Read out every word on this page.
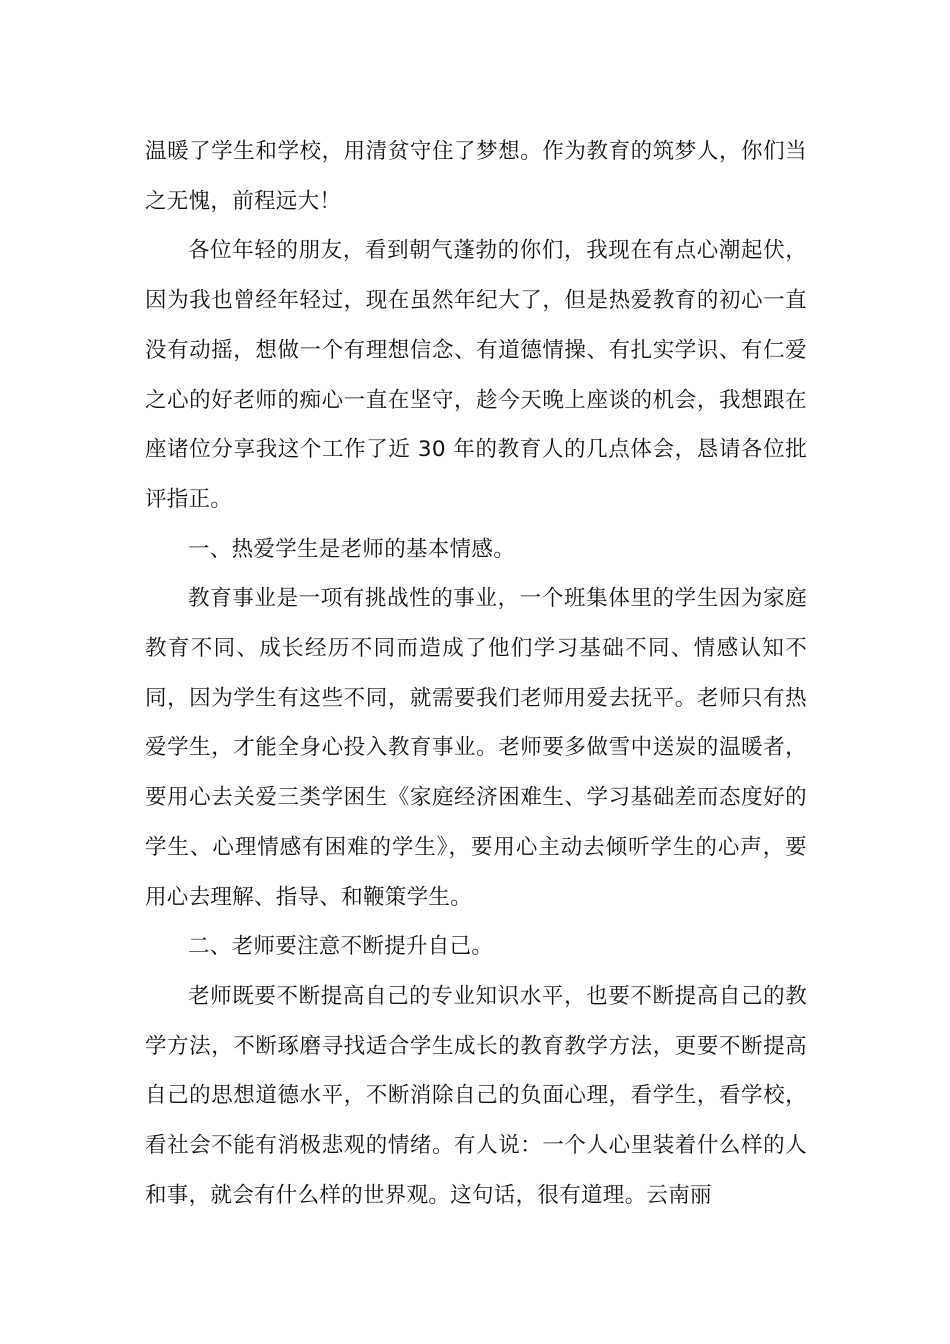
温暖了学生和学校，用清贫守住了梦想。作为教育的筑梦人，你们当之无愧，前程远大！

各位年轻的朋友，看到朝气蓬勃的你们，我现在有点心潮起伏，因为我也曾经年轻过，现在虽然年纪大了，但是热爱教育的初心一直没有动摇，想做一个有理想信念、有道德情操、有扎实学识、有仁爱之心的好老师的痴心一直在坚守，趁今天晚上座谈的机会，我想跟在座诸位分享我这个工作了近 30 年的教育人的几点体会，恳请各位批评指正。

一、热爱学生是老师的基本情感。

教育事业是一项有挑战性的事业，一个班集体里的学生因为家庭教育不同、成长经历不同而造成了他们学习基础不同、情感认知不同，因为学生有这些不同，就需要我们老师用爱去抚平。老师只有热爱学生，才能全身心投入教育事业。老师要多做雪中送炭的温暖者，要用心去关爱三类学困生《家庭经济困难生、学习基础差而态度好的学生、心理情感有困难的学生》，要用心主动去倾听学生的心声，要用心去理解、指导、和鞭策学生。

二、老师要注意不断提升自己。

老师既要不断提高自己的专业知识水平，也要不断提高自己的教学方法，不断琢磨寻找适合学生成长的教育教学方法，更要不断提高自己的思想道德水平，不断消除自己的负面心理，看学生，看学校，看社会不能有消极悲观的情绪。有人说：一个人心里装着什么样的人和事，就会有什么样的世界观。这句话，很有道理。云南丽
